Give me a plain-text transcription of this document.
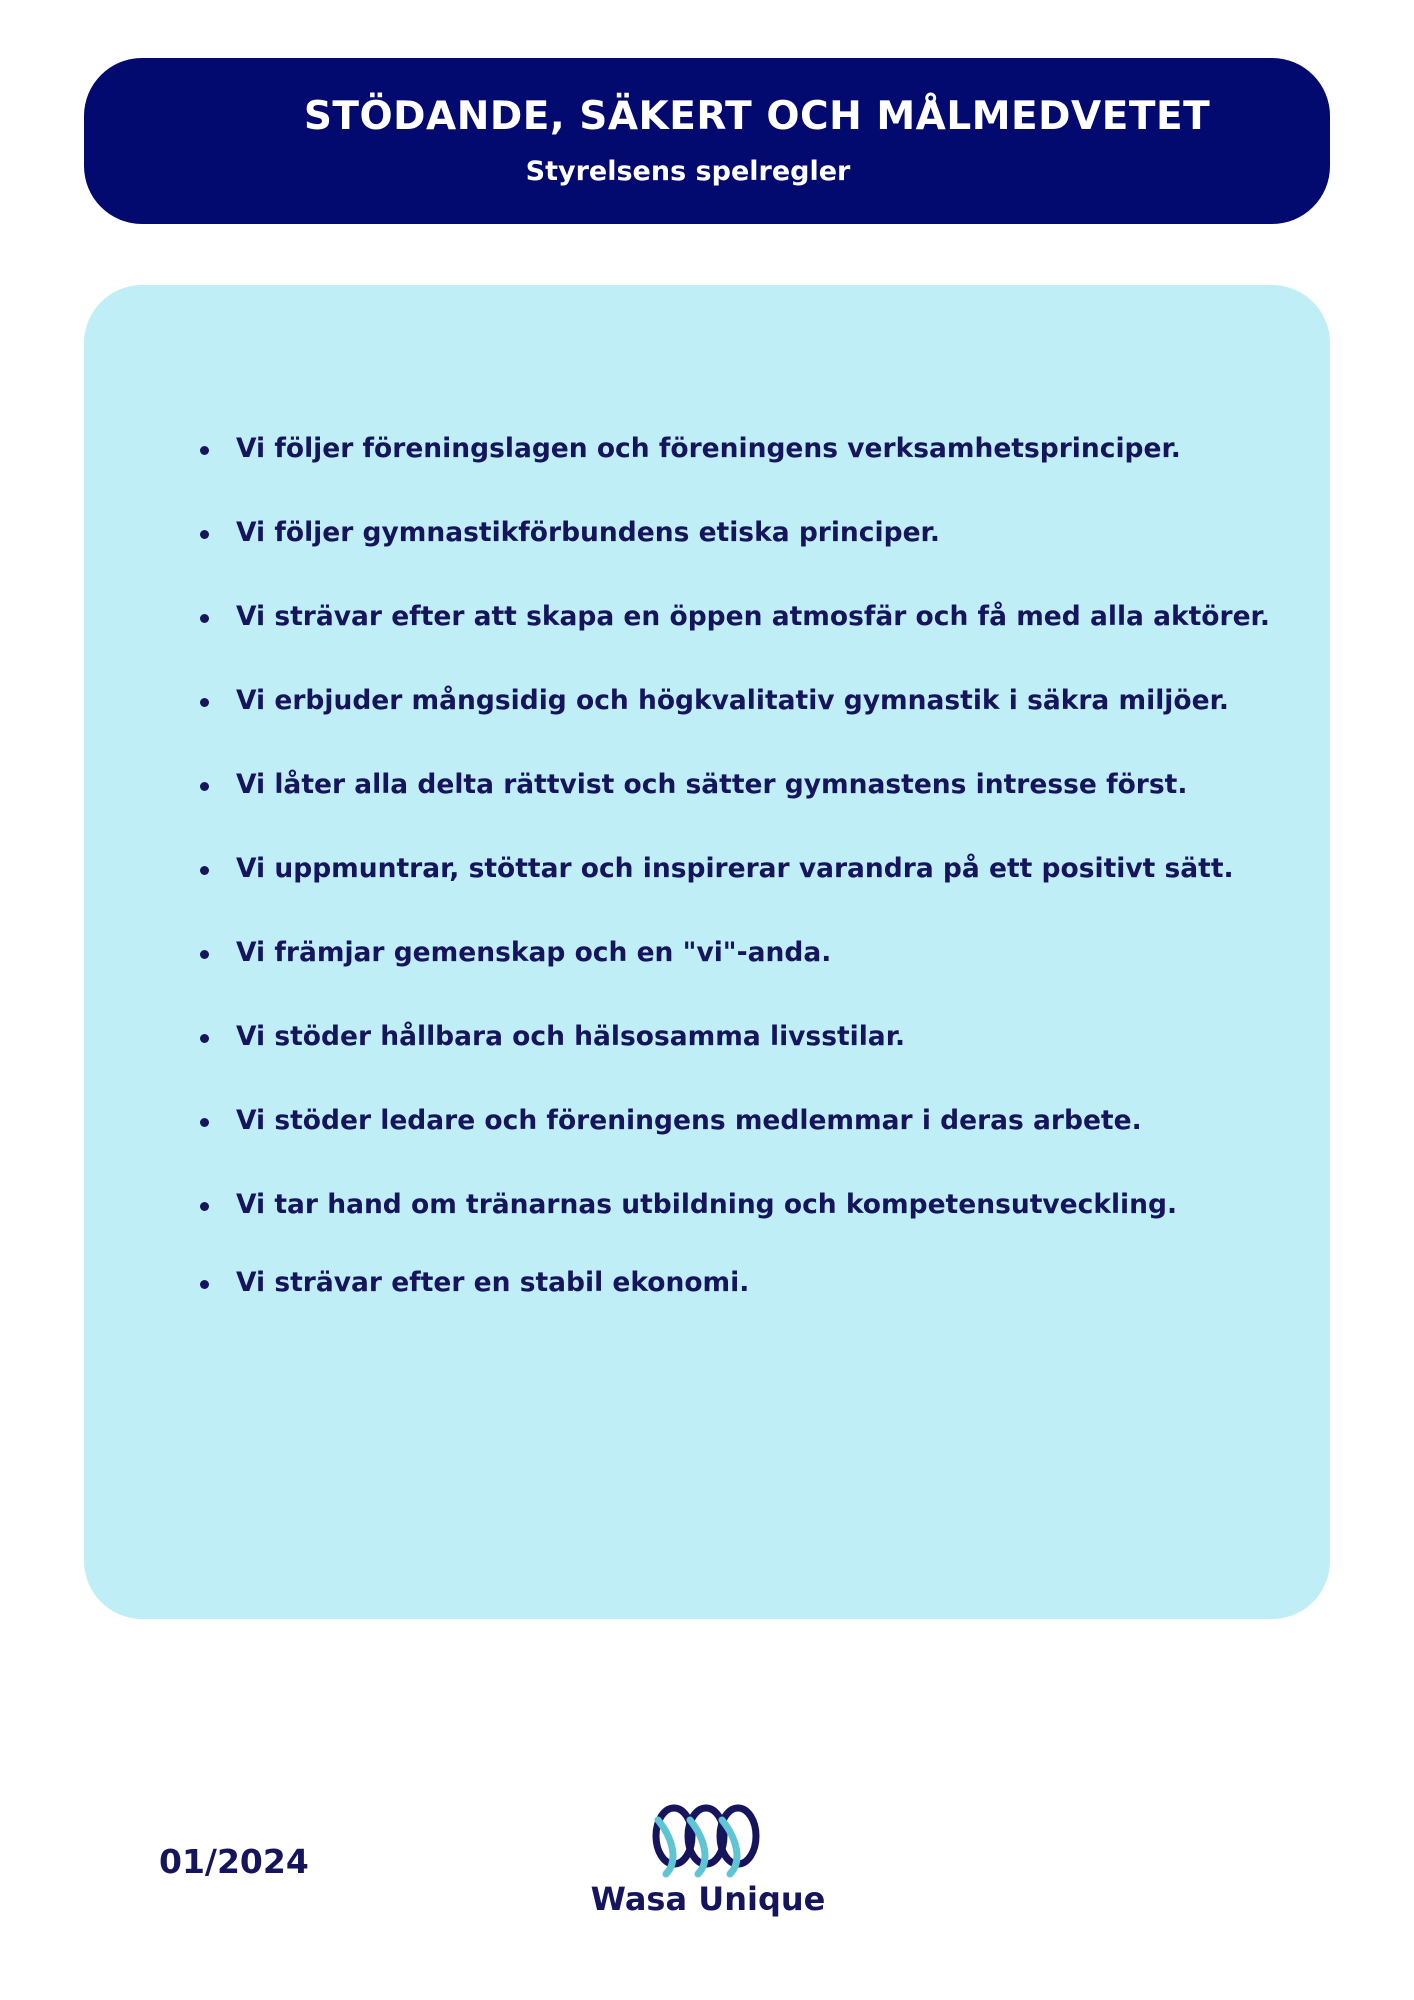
STÖDANDE, SÄKERT OCH MÅLMEDVETET
Styrelsens spelregler
Vi följer föreningslagen och föreningens verksamhetsprinciper.
Vi följer gymnastikförbundens etiska principer.
Vi strävar efter att skapa en öppen atmosfär och få med alla aktörer.
Vi erbjuder mångsidig och högkvalitativ gymnastik i säkra miljöer.
Vi låter alla delta rättvist och sätter gymnastens intresse först.
Vi uppmuntrar, stöttar och inspirerar varandra på ett positivt sätt.
Vi främjar gemenskap och en "vi"-anda.
Vi stöder hållbara och hälsosamma livsstilar.
Vi stöder ledare och föreningens medlemmar i deras arbete.
Vi tar hand om tränarnas utbildning och kompetensutveckling.
Vi strävar efter en stabil ekonomi.
01/2024
Wasa Unique
